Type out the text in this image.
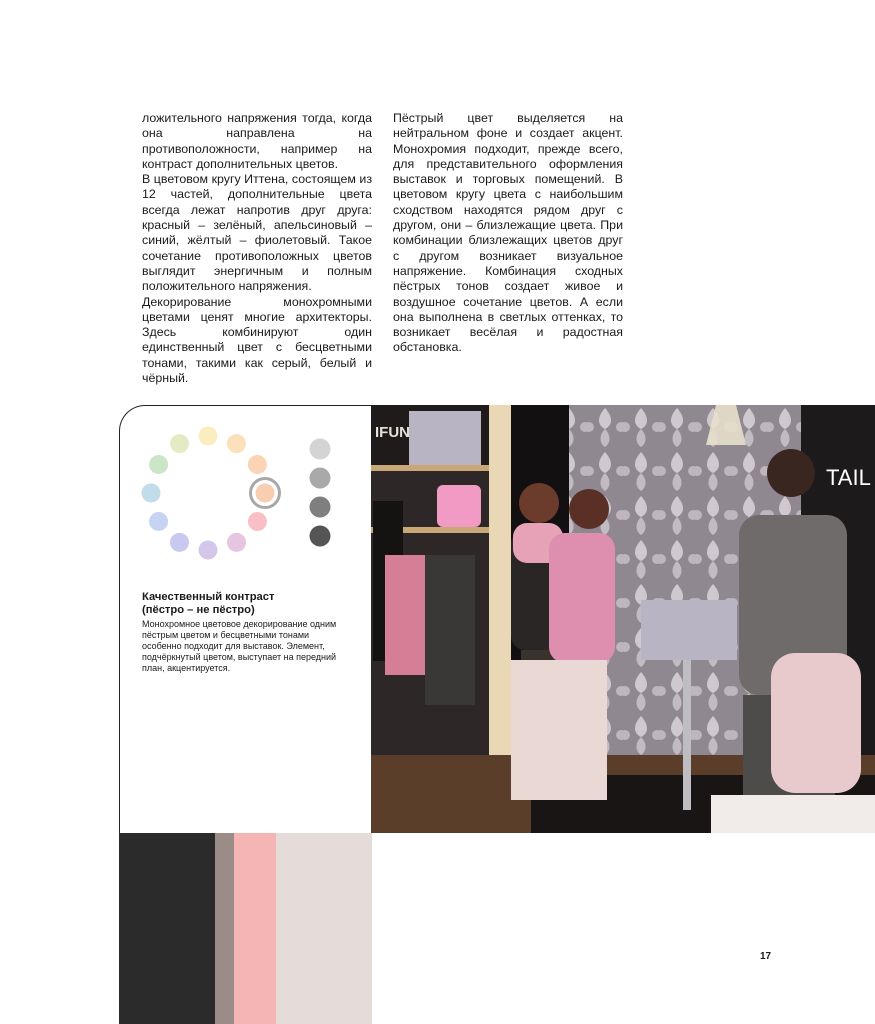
ложительного напряжения тогда, когда она направлена на противоположности, например на контраст дополнительных цветов.

В цветовом кругу Иттена, состоящем из 12 частей, дополнительные цвета всегда лежат напротив друг друга: красный – зелёный, апельсиновый – синий, жёлтый – фиолетовый. Такое сочетание противоположных цветов выглядит энергичным и полным положительного напряжения.

Декорирование монохромными цветами ценят многие архитекторы. Здесь комбинируют один единственный цвет с бесцветными тонами, такими как серый, белый и чёрный.

Пёстрый цвет выделяется на нейтральном фоне и создает акцент. Монохромия подходит, прежде всего, для представительного оформления выставок и торговых помещений. В цветовом кругу цвета с наибольшим сходством находятся рядом друг с другом, они – близлежащие цвета. При комбинации близлежащих цветов друг с другом возникает визуальное напряжение. Комбинация сходных пёстрых тонов создает живое и воздушное сочетание цветов. А если она выполнена в светлых оттенках, то возникает весёлая и радостная обстановка.

Качественный контраст
(пёстро – не пёстро)

Монохромное цветовое декорирование одним пёстрым цветом и бесцветными тонами особенно подходит для выставок. Элемент, подчёркнутый цветом, выступает на передний план, акцентируется.

IFUN
TAIL
17
